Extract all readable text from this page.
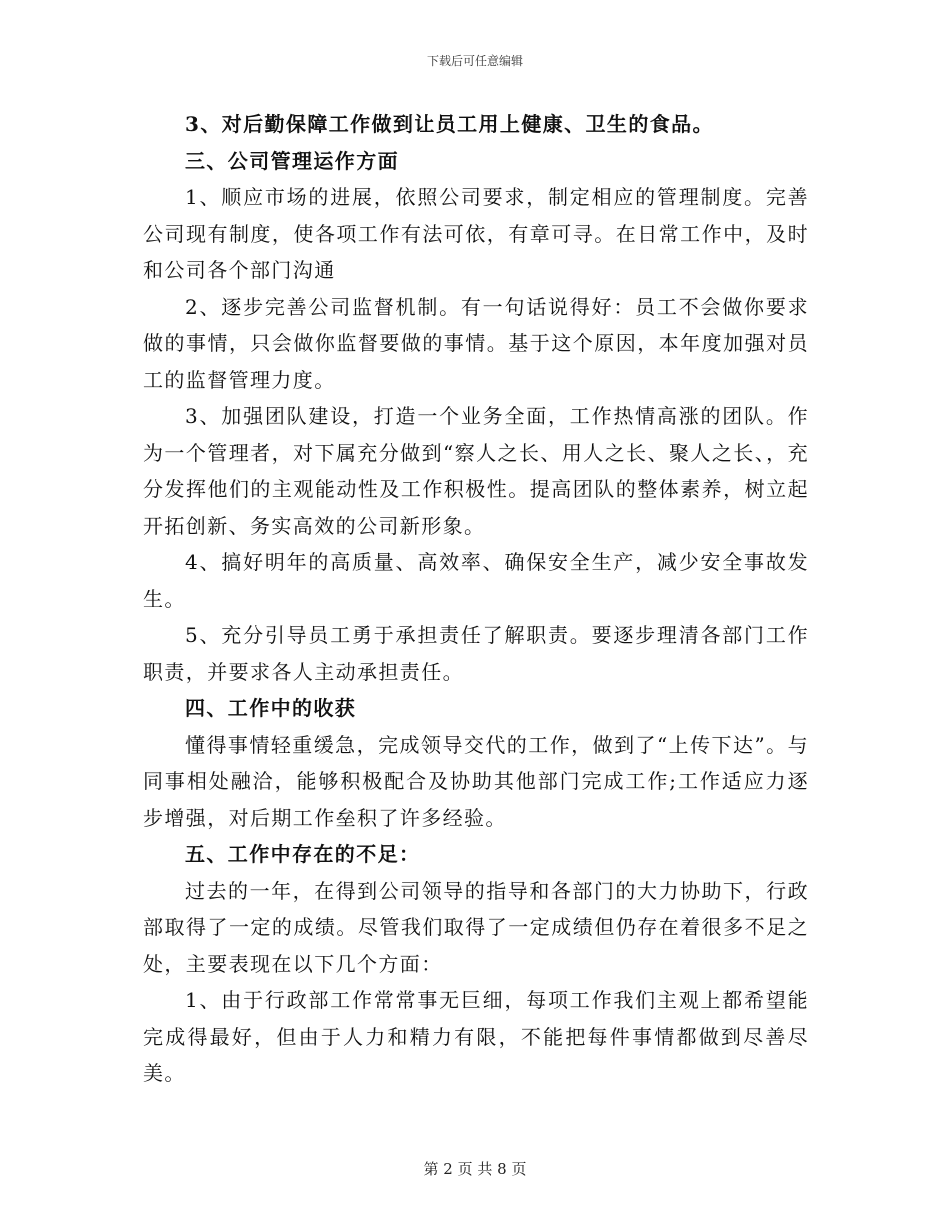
下载后可任意编辑

3、对后勤保障工作做到让员工用上健康、卫生的食品。

三、公司管理运作方面

1、顺应市场的进展，依照公司要求，制定相应的管理制度。完善公司现有制度，使各项工作有法可依，有章可寻。在日常工作中，及时和公司各个部门沟通

2、逐步完善公司监督机制。有一句话说得好：员工不会做你要求做的事情，只会做你监督要做的事情。基于这个原因，本年度加强对员工的监督管理力度。

3、加强团队建设，打造一个业务全面，工作热情高涨的团队。作为一个管理者，对下属充分做到“察人之长、用人之长、聚人之长、，充分发挥他们的主观能动性及工作积极性。提高团队的整体素养，树立起开拓创新、务实高效的公司新形象。

4、搞好明年的高质量、高效率、确保安全生产，减少安全事故发生。

5、充分引导员工勇于承担责任了解职责。要逐步理清各部门工作职责，并要求各人主动承担责任。

四、工作中的收获

懂得事情轻重缓急，完成领导交代的工作，做到了“上传下达”。与同事相处融洽，能够积极配合及协助其他部门完成工作;工作适应力逐步增强，对后期工作垒积了许多经验。

五、工作中存在的不足：

过去的一年，在得到公司领导的指导和各部门的大力协助下，行政部取得了一定的成绩。尽管我们取得了一定成绩但仍存在着很多不足之处，主要表现在以下几个方面：

1、由于行政部工作常常事无巨细，每项工作我们主观上都希望能完成得最好，但由于人力和精力有限，不能把每件事情都做到尽善尽美。

第 2 页 共 8 页
